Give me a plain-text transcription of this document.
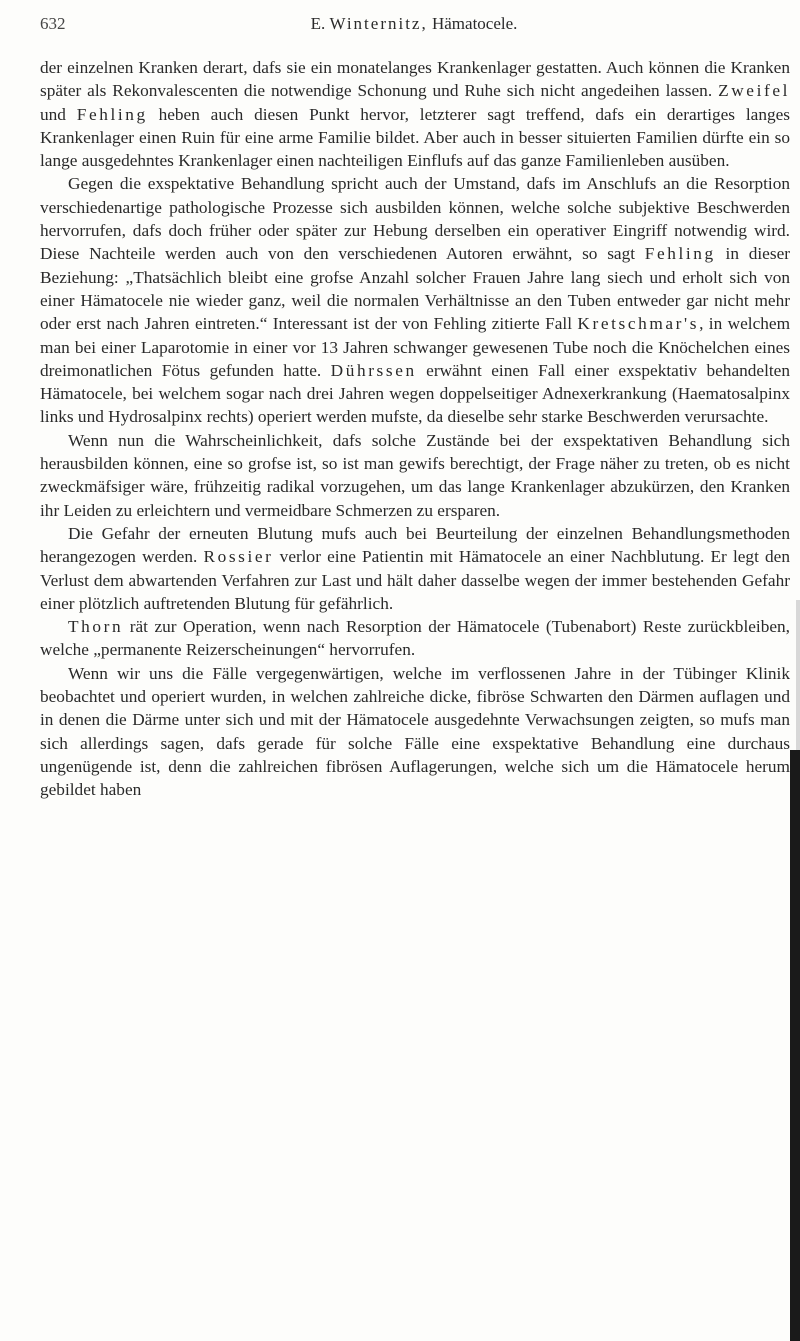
632	E. Winternitz, Hämatocele.

der einzelnen Kranken derart, dafs sie ein monatelanges Krankenlager gestatten. Auch können die Kranken später als Rekonvalescenten die notwendige Schonung und Ruhe sich nicht angedeihen lassen. Zweifel und Fehling heben auch diesen Punkt hervor, letzterer sagt treffend, dafs ein derartiges langes Krankenlager einen Ruin für eine arme Familie bildet. Aber auch in besser situierten Familien dürfte ein so lange ausgedehntes Krankenlager einen nachteiligen Einflufs auf das ganze Familienleben ausüben.

Gegen die exspektative Behandlung spricht auch der Umstand, dafs im Anschlufs an die Resorption verschiedenartige pathologische Prozesse sich ausbilden können, welche solche subjektive Beschwerden hervorrufen, dafs doch früher oder später zur Hebung derselben ein operativer Eingriff notwendig wird. Diese Nachteile werden auch von den verschiedenen Autoren erwähnt, so sagt Fehling in dieser Beziehung: „Thatsächlich bleibt eine grofse Anzahl solcher Frauen Jahre lang siech und erholt sich von einer Hämatocele nie wieder ganz, weil die normalen Verhältnisse an den Tuben entweder gar nicht mehr oder erst nach Jahren eintreten.“ Interessant ist der von Fehling zitierte Fall Kretschmar's, in welchem man bei einer Laparotomie in einer vor 13 Jahren schwanger gewesenen Tube noch die Knöchelchen eines dreimonatlichen Fötus gefunden hatte. Dührssen erwähnt einen Fall einer exspektativ behandelten Hämatocele, bei welchem sogar nach drei Jahren wegen doppelseitiger Adnexerkrankung (Haematosalpinx links und Hydrosalpinx rechts) operiert werden mufste, da dieselbe sehr starke Beschwerden verursachte.

Wenn nun die Wahrscheinlichkeit, dafs solche Zustände bei der exspektativen Behandlung sich herausbilden können, eine so grofse ist, so ist man gewifs berechtigt, der Frage näher zu treten, ob es nicht zweckmäfsiger wäre, frühzeitig radikal vorzugehen, um das lange Krankenlager abzukürzen, den Kranken ihr Leiden zu erleichtern und vermeidbare Schmerzen zu ersparen.

Die Gefahr der erneuten Blutung mufs auch bei Beurteilung der einzelnen Behandlungsmethoden herangezogen werden. Rossier verlor eine Patientin mit Hämatocele an einer Nachblutung. Er legt den Verlust dem abwartenden Verfahren zur Last und hält daher dasselbe wegen der immer bestehenden Gefahr einer plötzlich auftretenden Blutung für gefährlich.

Thorn rät zur Operation, wenn nach Resorption der Hämatocele (Tubenabort) Reste zurückbleiben, welche „permanente Reizerscheinungen“ hervorrufen.

Wenn wir uns die Fälle vergegenwärtigen, welche im verflossenen Jahre in der Tübinger Klinik beobachtet und operiert wurden, in welchen zahlreiche dicke, fibröse Schwarten den Därmen auflagen und in denen die Därme unter sich und mit der Hämatocele ausgedehnte Verwachsungen zeigten, so mufs man sich allerdings sagen, dafs gerade für solche Fälle eine exspektative Behandlung eine durchaus ungenügende ist, denn die zahlreichen fibrösen Auflagerungen, welche sich um die Hämatocele herum gebildet haben
